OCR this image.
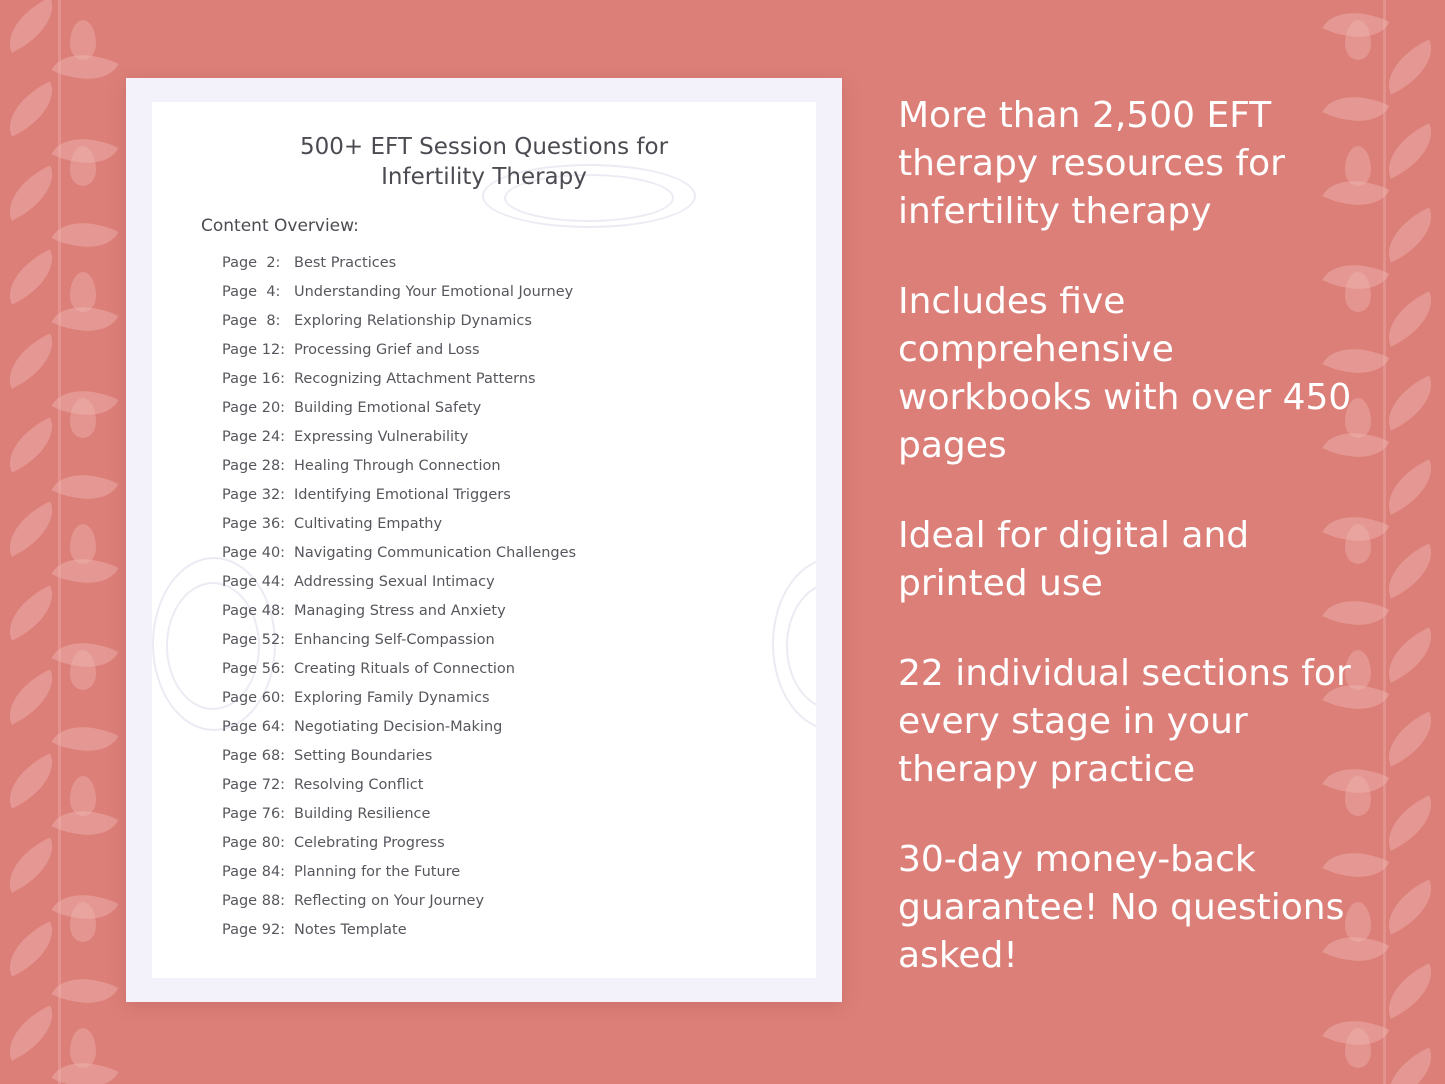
500+ EFT Session Questions for
Infertility Therapy
Content Overview:
Page  2: Best Practices
Page  4: Understanding Your Emotional Journey
Page  8: Exploring Relationship Dynamics
Page 12: Processing Grief and Loss
Page 16: Recognizing Attachment Patterns
Page 20: Building Emotional Safety
Page 24: Expressing Vulnerability
Page 28: Healing Through Connection
Page 32: Identifying Emotional Triggers
Page 36: Cultivating Empathy
Page 40: Navigating Communication Challenges
Page 44: Addressing Sexual Intimacy
Page 48: Managing Stress and Anxiety
Page 52: Enhancing Self-Compassion
Page 56: Creating Rituals of Connection
Page 60: Exploring Family Dynamics
Page 64: Negotiating Decision-Making
Page 68: Setting Boundaries
Page 72: Resolving Conflict
Page 76: Building Resilience
Page 80: Celebrating Progress
Page 84: Planning for the Future
Page 88: Reflecting on Your Journey
Page 92: Notes Template
More than 2,500 EFT therapy resources for infertility therapy
Includes five comprehensive workbooks with over 450 pages
Ideal for digital and printed use
22 individual sections for every stage in your therapy practice
30-day money-back guarantee! No questions asked!
